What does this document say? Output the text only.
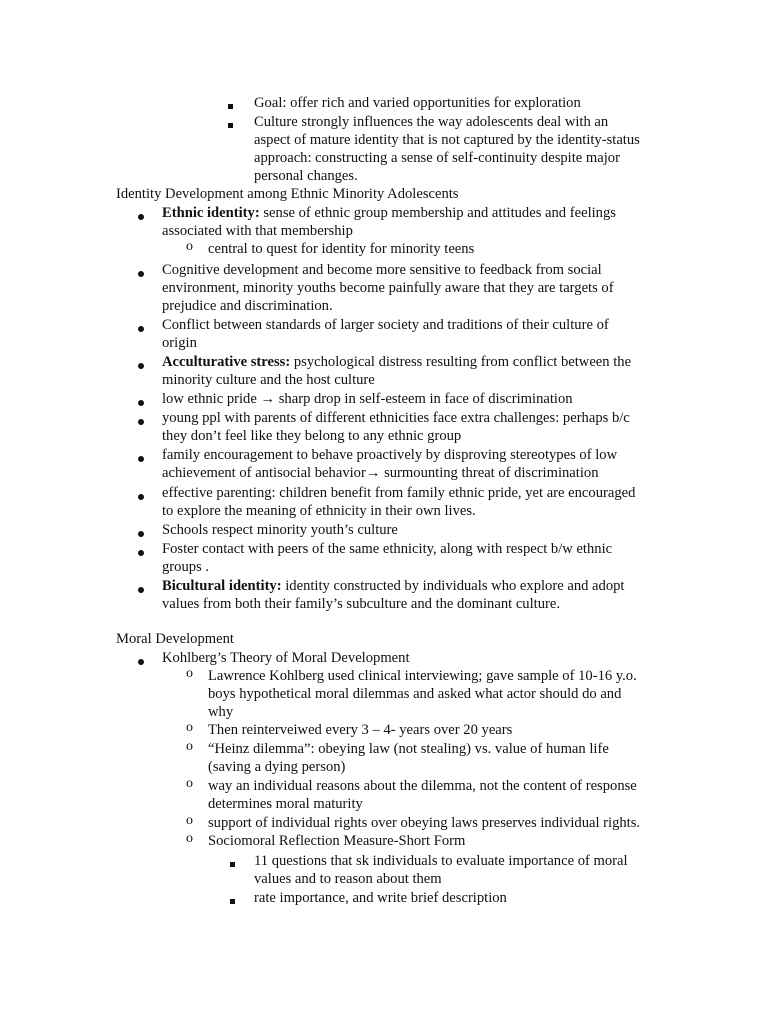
Goal: offer rich and varied opportunities for exploration
Culture strongly influences the way adolescents deal with an
aspect of mature identity that is not captured by the identity-status
approach: constructing a sense of self-continuity despite major
personal changes.
Identity Development among Ethnic Minority Adolescents
Ethnic identity: sense of ethnic group membership and attitudes and feelings
associated with that membership
o central to quest for identity for minority teens
Cognitive development and become more sensitive to feedback from social
environment, minority youths become painfully aware that they are targets of
prejudice and discrimination.
Conflict between standards of larger society and traditions of their culture of
origin
Acculturative stress: psychological distress resulting from conflict between the
minority culture and the host culture
low ethnic pride → sharp drop in self-esteem in face of discrimination
young ppl with parents of different ethnicities face extra challenges: perhaps b/c
they don’t feel like they belong to any ethnic group
family encouragement to behave proactively by disproving stereotypes of low
achievement of antisocial behavior→ surmounting threat of discrimination
effective parenting: children benefit from family ethnic pride, yet are encouraged
to explore the meaning of ethnicity in their own lives.
Schools respect minority youth’s culture
Foster contact with peers of the same ethnicity, along with respect b/w ethnic
groups .
Bicultural identity: identity constructed by individuals who explore and adopt
values from both their family’s subculture and the dominant culture.
Moral Development
Kohlberg’s Theory of Moral Development
o Lawrence Kohlberg used clinical interviewing; gave sample of 10-16 y.o.
boys hypothetical moral dilemmas and asked what actor should do and
why
o Then reinterveiwed every 3 – 4- years over 20 years
o “Heinz dilemma”: obeying law (not stealing) vs. value of human life
(saving a dying person)
o way an individual reasons about the dilemma, not the content of response
determines moral maturity
o support of individual rights over obeying laws preserves individual rights.
o Sociomoral Reflection Measure-Short Form
11 questions that sk individuals to evaluate importance of moral
values and to reason about them
rate importance, and write brief description
